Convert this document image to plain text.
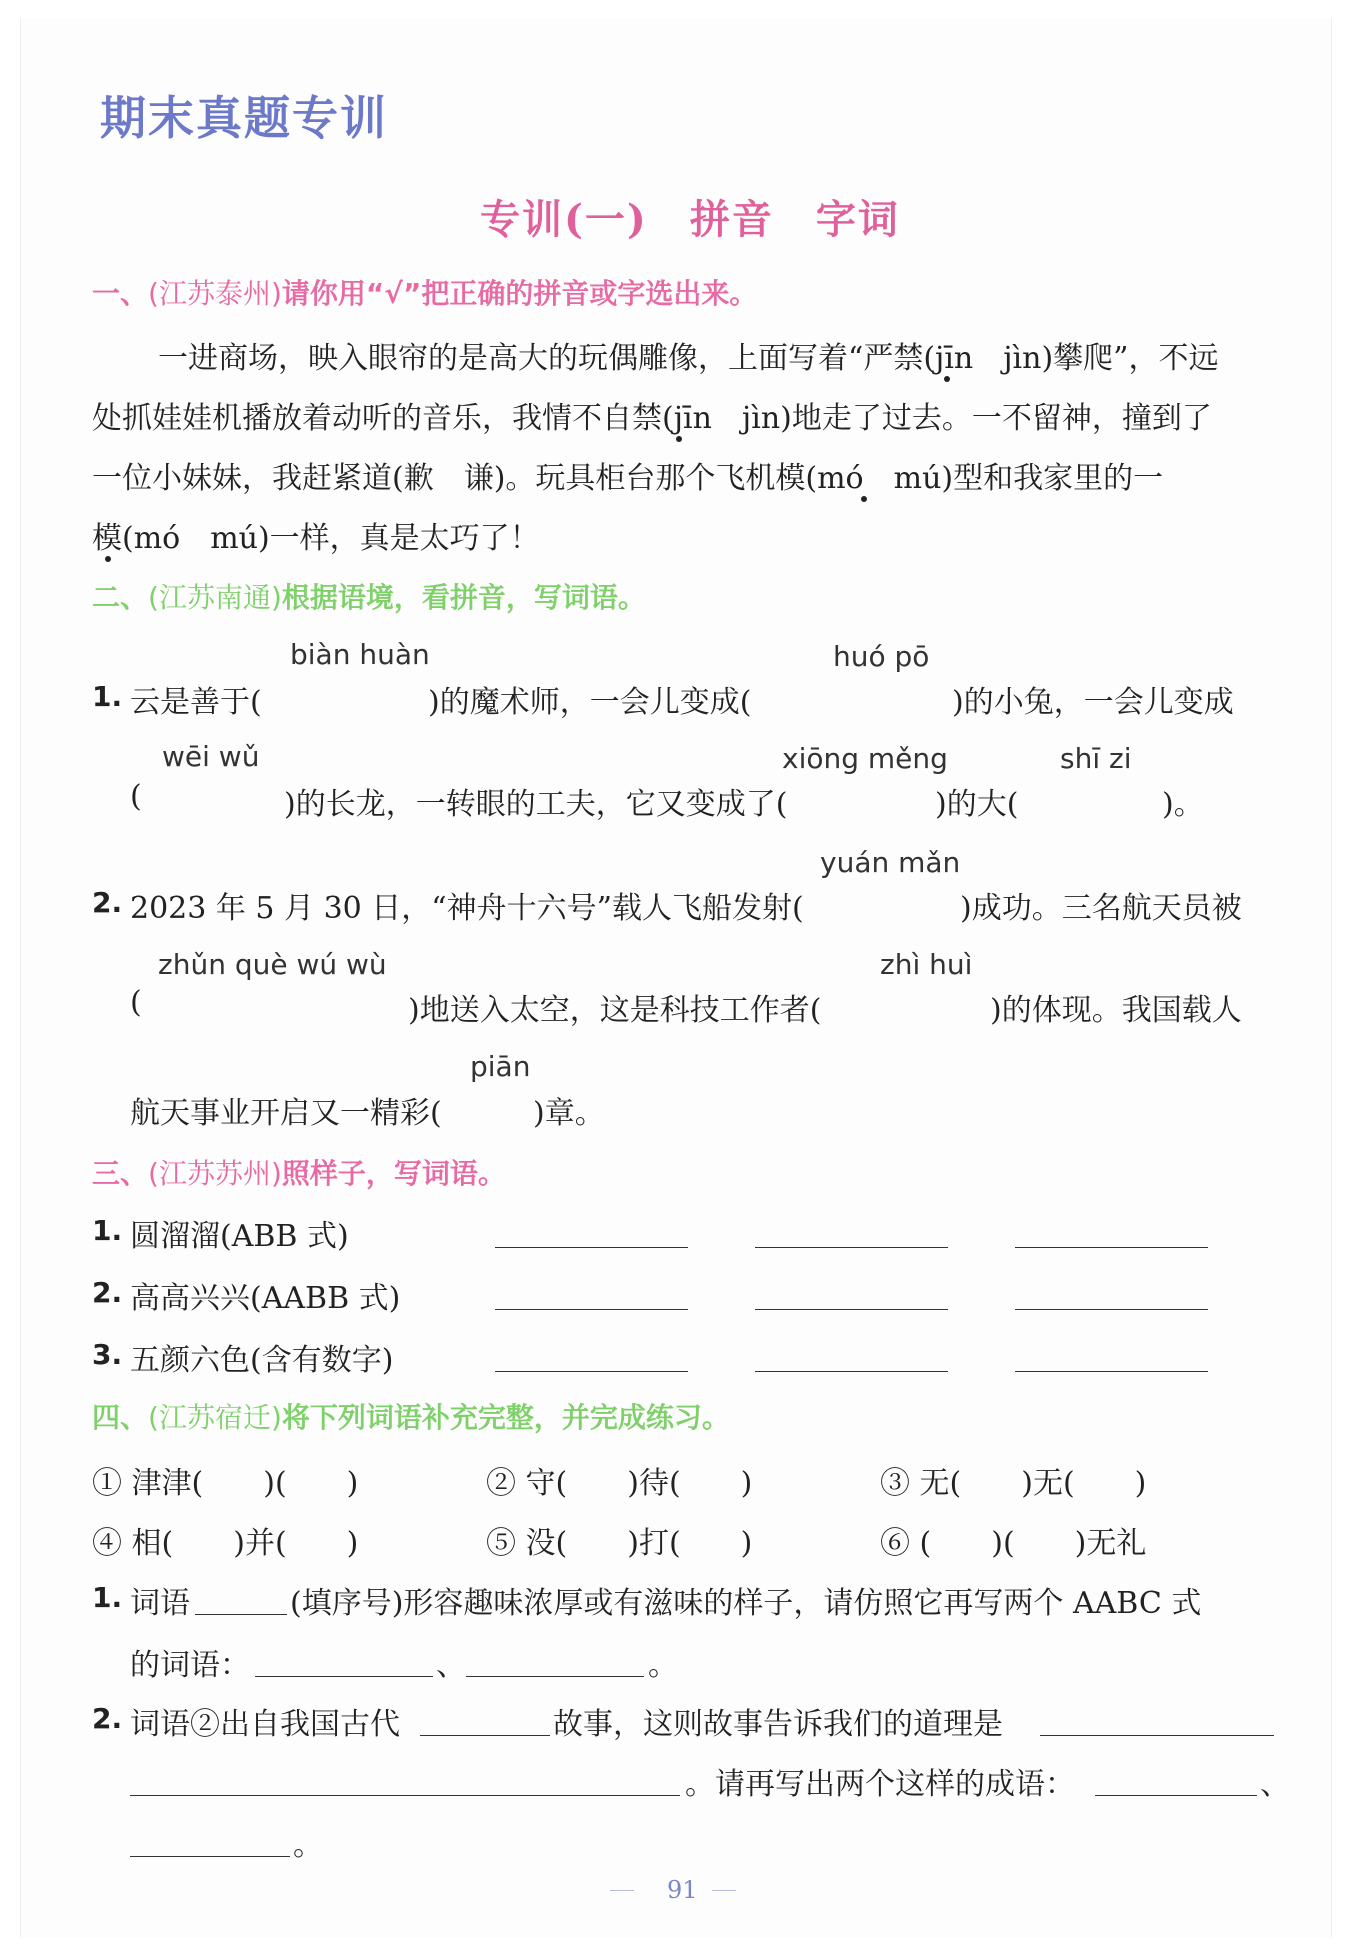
期末真题专训
专训(一)　拼音　字词
一、(江苏泰州)请你用“√”把正确的拼音或字选出来。
一进商场，映入眼帘的是高大的玩偶雕像，上面写着“严禁(jīn　jìn)攀爬”，不远
处抓娃娃机播放着动听的音乐，我情不自禁(jīn　jìn)地走了过去。一不留神，撞到了
一位小妹妹，我赶紧道(歉　谦)。玩具柜台那个飞机模(mó　mú)型和我家里的一
模(mó　mú)一样，真是太巧了！
二、(江苏南通)根据语境，看拼音，写词语。
biàn huàn	huó pō
1. 云是善于(	)的魔术师，一会儿变成(	)的小兔，一会儿变成
wēi wǔ	xiōng měng	shī zi
(	)的长龙，一转眼的工夫，它又变成了(	)的大(	)。
yuán mǎn
2. 2023 年 5 月 30 日，“神舟十六号”载人飞船发射(	)成功。三名航天员被
zhǔn què wú wù	zhì huì
(	)地送入太空，这是科技工作者(	)的体现。我国载人
piān
航天事业开启又一精彩(	)章。
三、(江苏苏州)照样子，写词语。
1. 圆溜溜(ABB 式)
2. 高高兴兴(AABB 式)
3. 五颜六色(含有数字)
四、(江苏宿迁)将下列词语补充完整，并完成练习。
① 津津(　　)(　　)	② 守(　　)待(　　)	③ 无(　　)无(　　)
④ 相(　　)并(　　)	⑤ 没(　　)打(　　)	⑥ (　　)(　　)无礼
1. 词语	(填序号)形容趣味浓厚或有滋味的样子，请仿照它再写两个 AABC 式
的词语：	、	。
2. 词语②出自我国古代	故事，这则故事告诉我们的道理是
。请再写出两个这样的成语：	、
。
91
